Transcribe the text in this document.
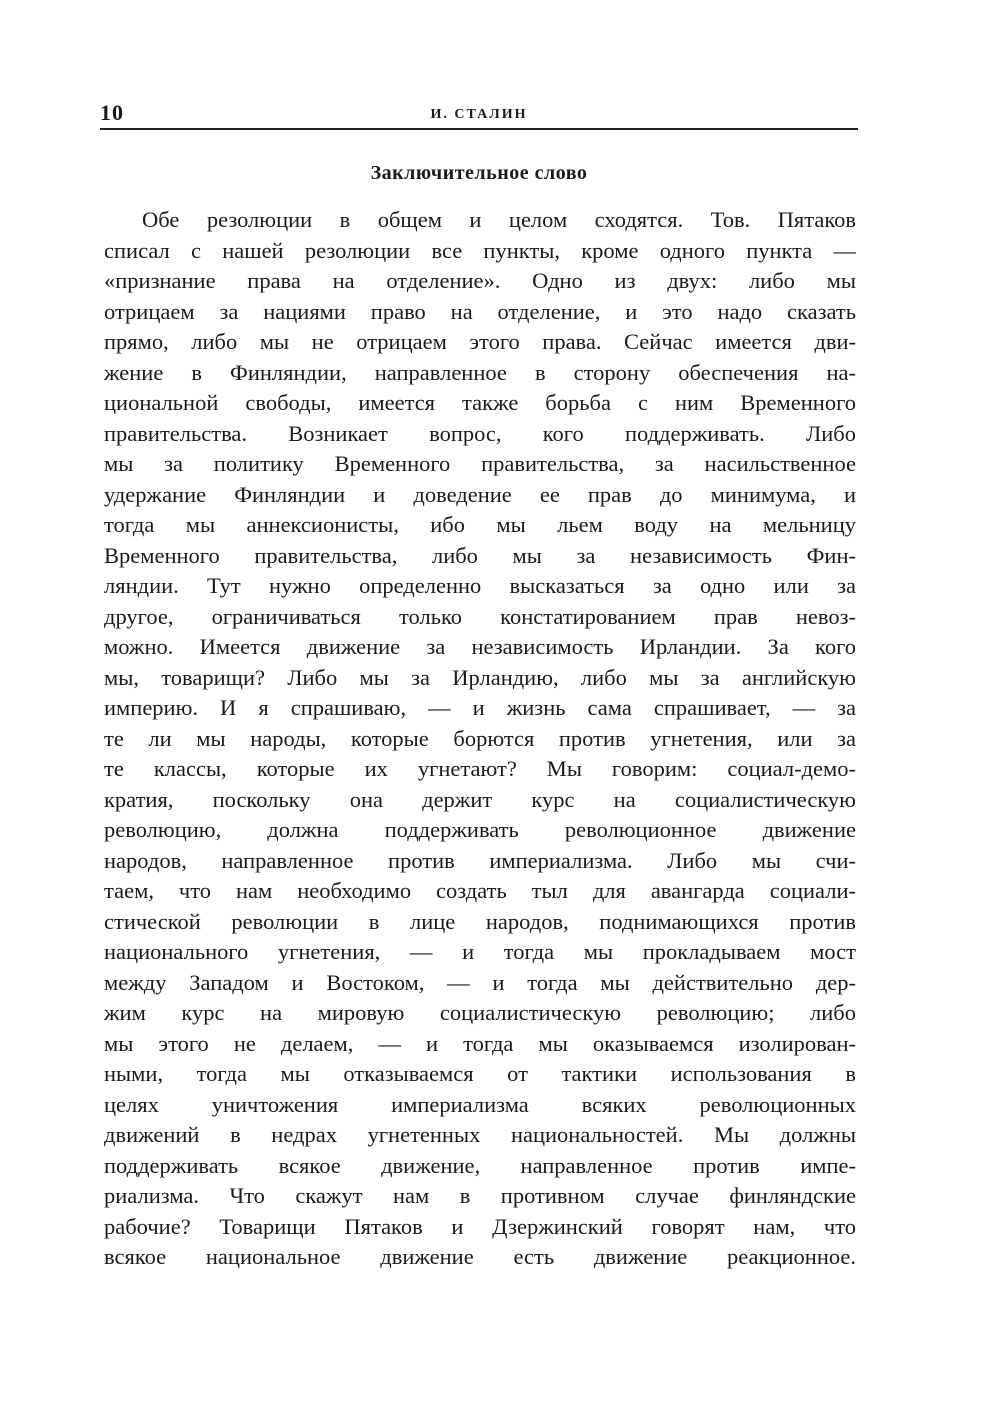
10	И. СТАЛИН
Заключительное слово
Обе резолюции в общем и целом сходятся. Тов. Пятаков
списал с нашей резолюции все пункты, кроме одного пункта —
«признание права на отделение». Одно из двух: либо мы
отрицаем за нациями право на отделение, и это надо сказать
прямо, либо мы не отрицаем этого права. Сейчас имеется дви-
жение в Финляндии, направленное в сторону обеспечения на-
циональной свободы, имеется также борьба с ним Временного
правительства. Возникает вопрос, кого поддерживать. Либо
мы за политику Временного правительства, за насильственное
удержание Финляндии и доведение ее прав до минимума, и
тогда мы аннексионисты, ибо мы льем воду на мельницу
Временного правительства, либо мы за независимость Фин-
ляндии. Тут нужно определенно высказаться за одно или за
другое, ограничиваться только констатированием прав невоз-
можно. Имеется движение за независимость Ирландии. За кого
мы, товарищи? Либо мы за Ирландию, либо мы за английскую
империю. И я спрашиваю, — и жизнь сама спрашивает, — за
те ли мы народы, которые борются против угнетения, или за
те классы, которые их угнетают? Мы говорим: социал-демо-
кратия, поскольку она держит курс на социалистическую
революцию, должна поддерживать революционное движение
народов, направленное против империализма. Либо мы счи-
таем, что нам необходимо создать тыл для авангарда социали-
стической революции в лице народов, поднимающихся против
национального угнетения, — и тогда мы прокладываем мост
между Западом и Востоком, — и тогда мы действительно дер-
жим курс на мировую социалистическую революцию; либо
мы этого не делаем, — и тогда мы оказываемся изолирован-
ными, тогда мы отказываемся от тактики использования в
целях уничтожения империализма всяких революционных
движений в недрах угнетенных национальностей. Мы должны
поддерживать всякое движение, направленное против импе-
риализма. Что скажут нам в противном случае финляндские
рабочие? Товарищи Пятаков и Дзержинский говорят нам, что
всякое национальное движение есть движение реакционное.
